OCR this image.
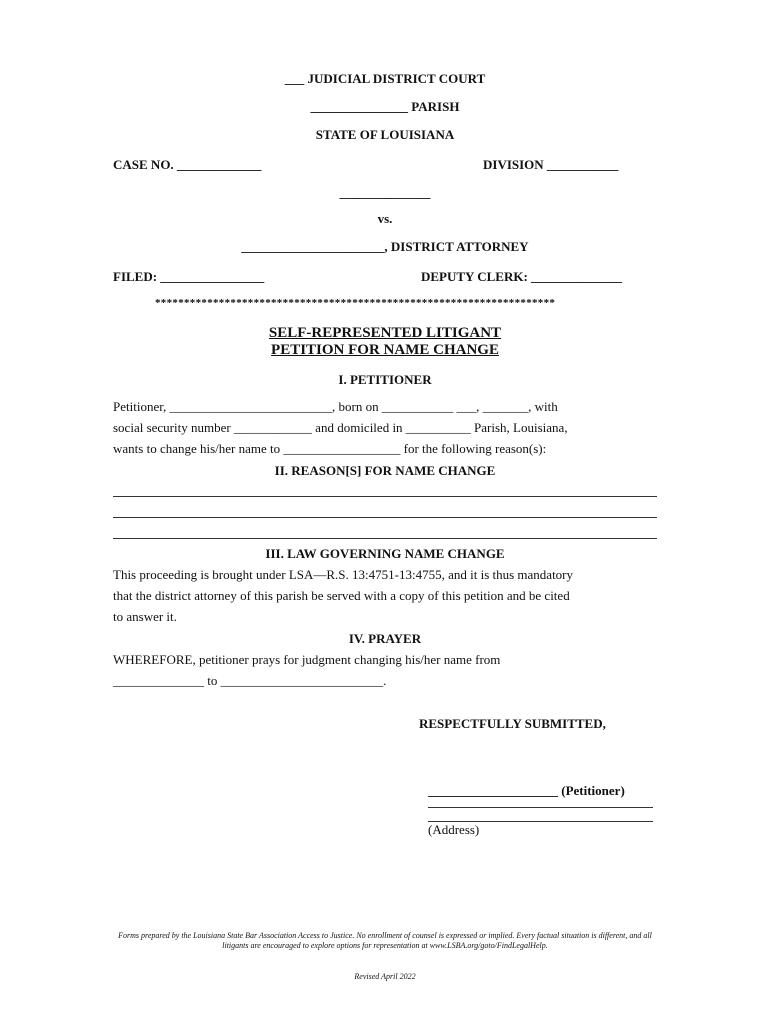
___ JUDICIAL DISTRICT COURT
_______________ PARISH
STATE OF LOUISIANA
CASE NO. _____________	DIVISION ___________
______________
vs.
______________________, DISTRICT ATTORNEY
FILED: ________________	DEPUTY CLERK: ______________
*********************************************************************
SELF-REPRESENTED LITIGANT
PETITION FOR NAME CHANGE
I. PETITIONER
Petitioner, _________________________, born on ___________ ___, _______, with
social security number ____________ and domiciled in __________ Parish, Louisiana,
wants to change his/her name to __________________ for the following reason(s):
II. REASON[S] FOR NAME CHANGE
III. LAW GOVERNING NAME CHANGE
This proceeding is brought under LSA—R.S. 13:4751-13:4755, and it is thus mandatory
that the district attorney of this parish be served with a copy of this petition and be cited
to answer it.
IV. PRAYER
WHEREFORE, petitioner prays for judgment changing his/her name from
______________ to _________________________.
RESPECTFULLY SUBMITTED,
____________________ (Petitioner)
(Address)
Forms prepared by the Louisiana State Bar Association Access to Justice. No enrollment of counsel is expressed or implied. Every factual situation is different, and all litigants are encouraged to explore options for representation at www.LSBA.org/goto/FindLegalHelp.
Revised April 2022
